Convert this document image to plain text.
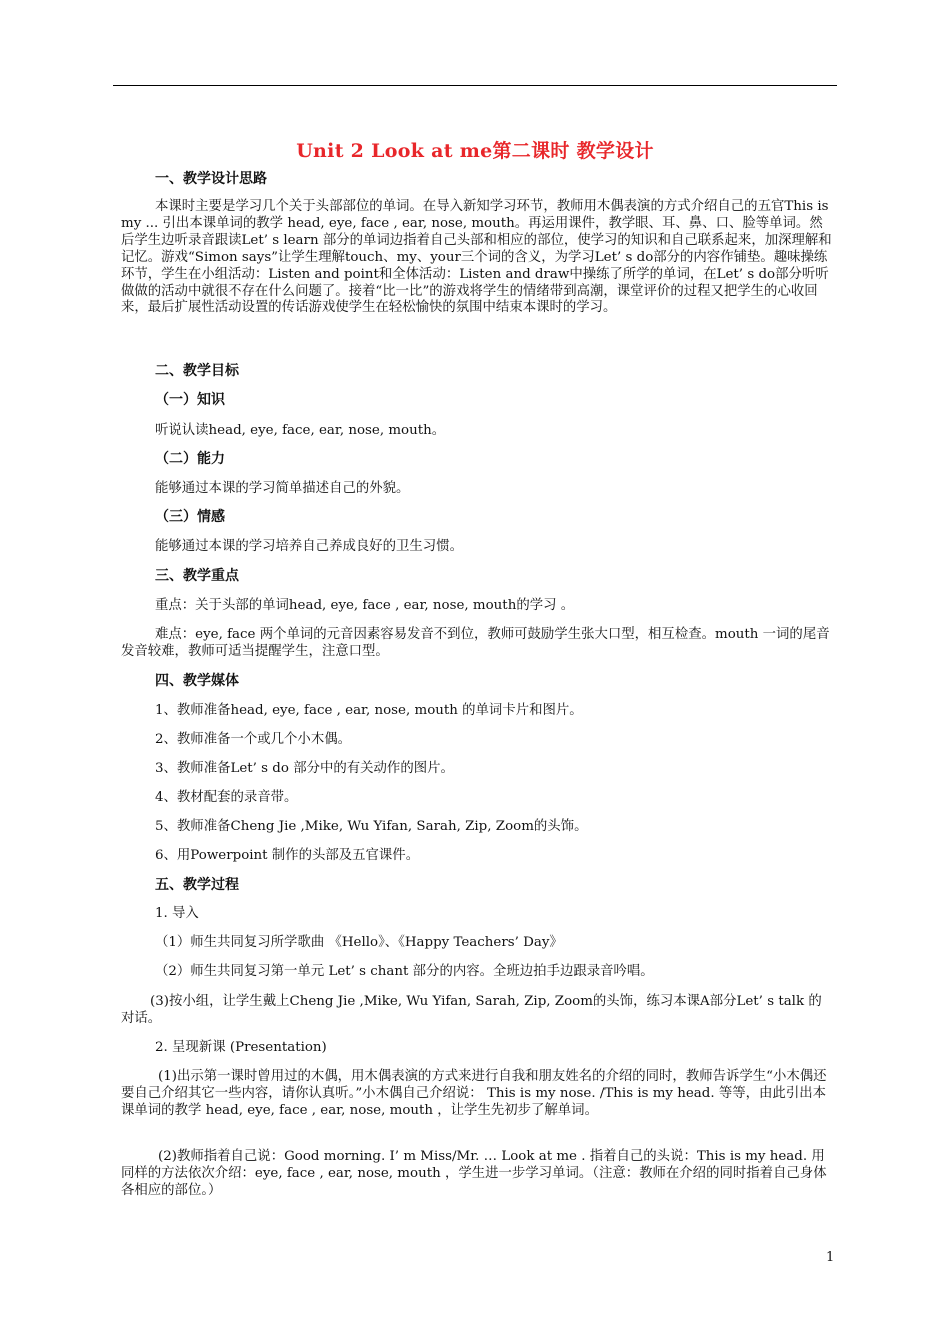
Unit 2 Look at me第二课时 教学设计

一、教学设计思路

本课时主要是学习几个关于头部部位的单词。在导入新知学习环节，教师用木偶表演的方式介绍自己的五官This is my ... 引出本课单词的教学 head, eye, face , ear, nose, mouth。再运用课件，教学眼、耳、鼻、口、脸等单词。然后学生边听录音跟读Let’ s learn 部分的单词边指着自己头部和相应的部位，使学习的知识和自己联系起来，加深理解和记忆。游戏“Simon says”让学生理解touch、my、your三个词的含义，为学习Let’ s do部分的内容作铺垫。趣味操练环节，学生在小组活动：Listen and point和全体活动：Listen and draw中操练了所学的单词，在Let’ s do部分听听做做的活动中就很不存在什么问题了。接着“比一比”的游戏将学生的情绪带到高潮，课堂评价的过程又把学生的心收回来，最后扩展性活动设置的传话游戏使学生在轻松愉快的氛围中结束本课时的学习。

二、教学目标

（一）知识

听说认读head, eye, face, ear, nose, mouth。

（二）能力

能够通过本课的学习简单描述自己的外貌。

（三）情感

能够通过本课的学习培养自己养成良好的卫生习惯。

三、教学重点

重点：关于头部的单词head, eye, face , ear, nose, mouth的学习 。

难点：eye, face 两个单词的元音因素容易发音不到位，教师可鼓励学生张大口型，相互检查。mouth 一词的尾音发音较难，教师可适当提醒学生，注意口型。

四、教学媒体

1、教师准备head, eye, face , ear, nose, mouth 的单词卡片和图片。

2、教师准备一个或几个小木偶。

3、教师准备Let’ s do 部分中的有关动作的图片。

4、教材配套的录音带。

5、教师准备Cheng Jie ,Mike, Wu Yifan, Sarah, Zip, Zoom的头饰。

6、用Powerpoint 制作的头部及五官课件。

五、教学过程

1. 导入

（1）师生共同复习所学歌曲 《Hello》、《Happy Teachers’ Day》

（2）师生共同复习第一单元 Let’ s chant 部分的内容。全班边拍手边跟录音吟唱。

(3)按小组，让学生戴上Cheng Jie ,Mike, Wu Yifan, Sarah, Zip, Zoom的头饰，练习本课A部分Let’ s talk 的对话。

2. 呈现新课 (Presentation)

(1)出示第一课时曾用过的木偶，用木偶表演的方式来进行自我和朋友姓名的介绍的同时，教师告诉学生“小木偶还要自己介绍其它一些内容，请你认真听。”小木偶自己介绍说： This is my nose. /This is my head. 等等，由此引出本课单词的教学 head, eye, face , ear, nose, mouth ，让学生先初步了解单词。

(2)教师指着自己说：Good morning. I’ m Miss/Mr. … Look at me . 指着自己的头说：This is my head. 用同样的方法依次介绍：eye, face , ear, nose, mouth ，学生进一步学习单词。（注意：教师在介绍的同时指着自己身体各相应的部位。）

1
